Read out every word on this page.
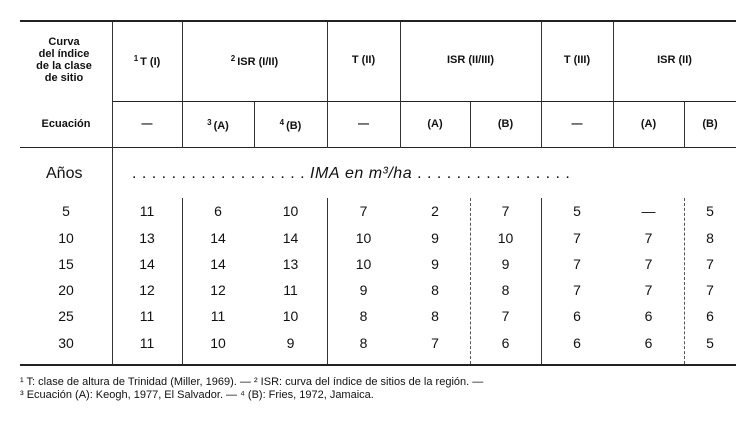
Curva
del índice
de la clase
de sitio
$^1$ T (I)	$^2$ ISR (I/II)	T (II)	ISR (II/III)	T (III)	ISR (II)
Ecuación	—	$^3$ (A)	$^4$ (B)	—	(A)	(B)	—	(A)	(B)
Años	. . . . . . . . . . . . . . . . . . IMA en m³/ha . . . . . . . . . . . . . . . .
5	11	6	10	7	2	7	5	—	5
10	13	14	14	10	9	10	7	7	8
15	14	14	13	10	9	9	7	7	7
20	12	12	11	9	8	8	7	7	7
25	11	11	10	8	8	7	6	6	6
30	11	10	9	8	7	6	6	6	5
¹ T: clase de altura de Trinidad (Miller, 1969). — ² ISR: curva del índice de sitios de la región. —
³ Ecuación (A): Keogh, 1977, El Salvador. — ⁴ (B): Fries, 1972, Jamaica.
